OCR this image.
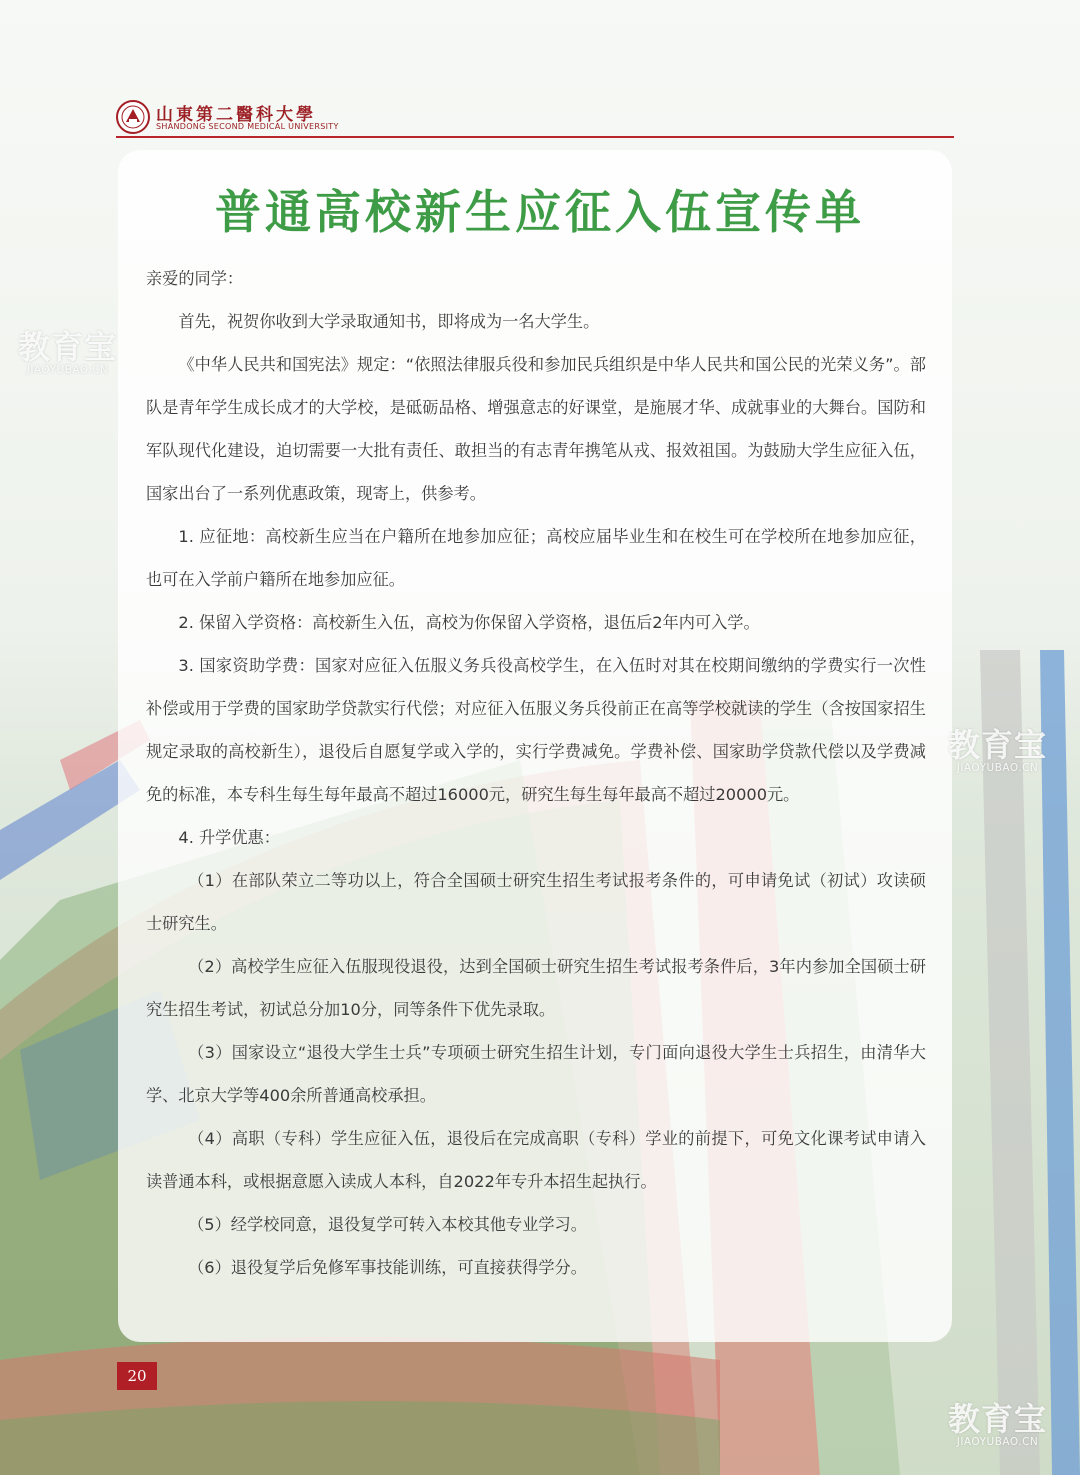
山東第二醫科大學
SHANDONG SECOND MEDICAL UNIVERSITY
普通高校新生应征入伍宣传单

亲爱的同学：

首先，祝贺你收到大学录取通知书，即将成为一名大学生。

《中华人民共和国宪法》规定：“依照法律服兵役和参加民兵组织是中华人民共和国公民的光荣义务”。部队是青年学生成长成才的大学校，是砥砺品格、增强意志的好课堂，是施展才华、成就事业的大舞台。国防和军队现代化建设，迫切需要一大批有责任、敢担当的有志青年携笔从戎、报效祖国。为鼓励大学生应征入伍，国家出台了一系列优惠政策，现寄上，供参考。

1. 应征地：高校新生应当在户籍所在地参加应征；高校应届毕业生和在校生可在学校所在地参加应征，也可在入学前户籍所在地参加应征。

2. 保留入学资格：高校新生入伍，高校为你保留入学资格，退伍后2年内可入学。

3. 国家资助学费：国家对应征入伍服义务兵役高校学生，在入伍时对其在校期间缴纳的学费实行一次性补偿或用于学费的国家助学贷款实行代偿；对应征入伍服义务兵役前正在高等学校就读的学生（含按国家招生规定录取的高校新生），退役后自愿复学或入学的，实行学费减免。学费补偿、国家助学贷款代偿以及学费减免的标准，本专科生每生每年最高不超过16000元，研究生每生每年最高不超过20000元。

4. 升学优惠：

（1）在部队荣立二等功以上，符合全国硕士研究生招生考试报考条件的，可申请免试（初试）攻读硕士研究生。

（2）高校学生应征入伍服现役退役，达到全国硕士研究生招生考试报考条件后，3年内参加全国硕士研究生招生考试，初试总分加10分，同等条件下优先录取。

（3）国家设立“退役大学生士兵”专项硕士研究生招生计划，专门面向退役大学生士兵招生，由清华大学、北京大学等400余所普通高校承担。

（4）高职（专科）学生应征入伍，退役后在完成高职（专科）学业的前提下，可免文化课考试申请入读普通本科，或根据意愿入读成人本科，自2022年专升本招生起执行。

（5）经学校同意，退役复学可转入本校其他专业学习。

（6）退役复学后免修军事技能训练，可直接获得学分。

20
教育宝
JIAOYUBAO.CN
教育宝
JIAOYUBAO.CN
教育宝
JIAOYUBAO.CN
